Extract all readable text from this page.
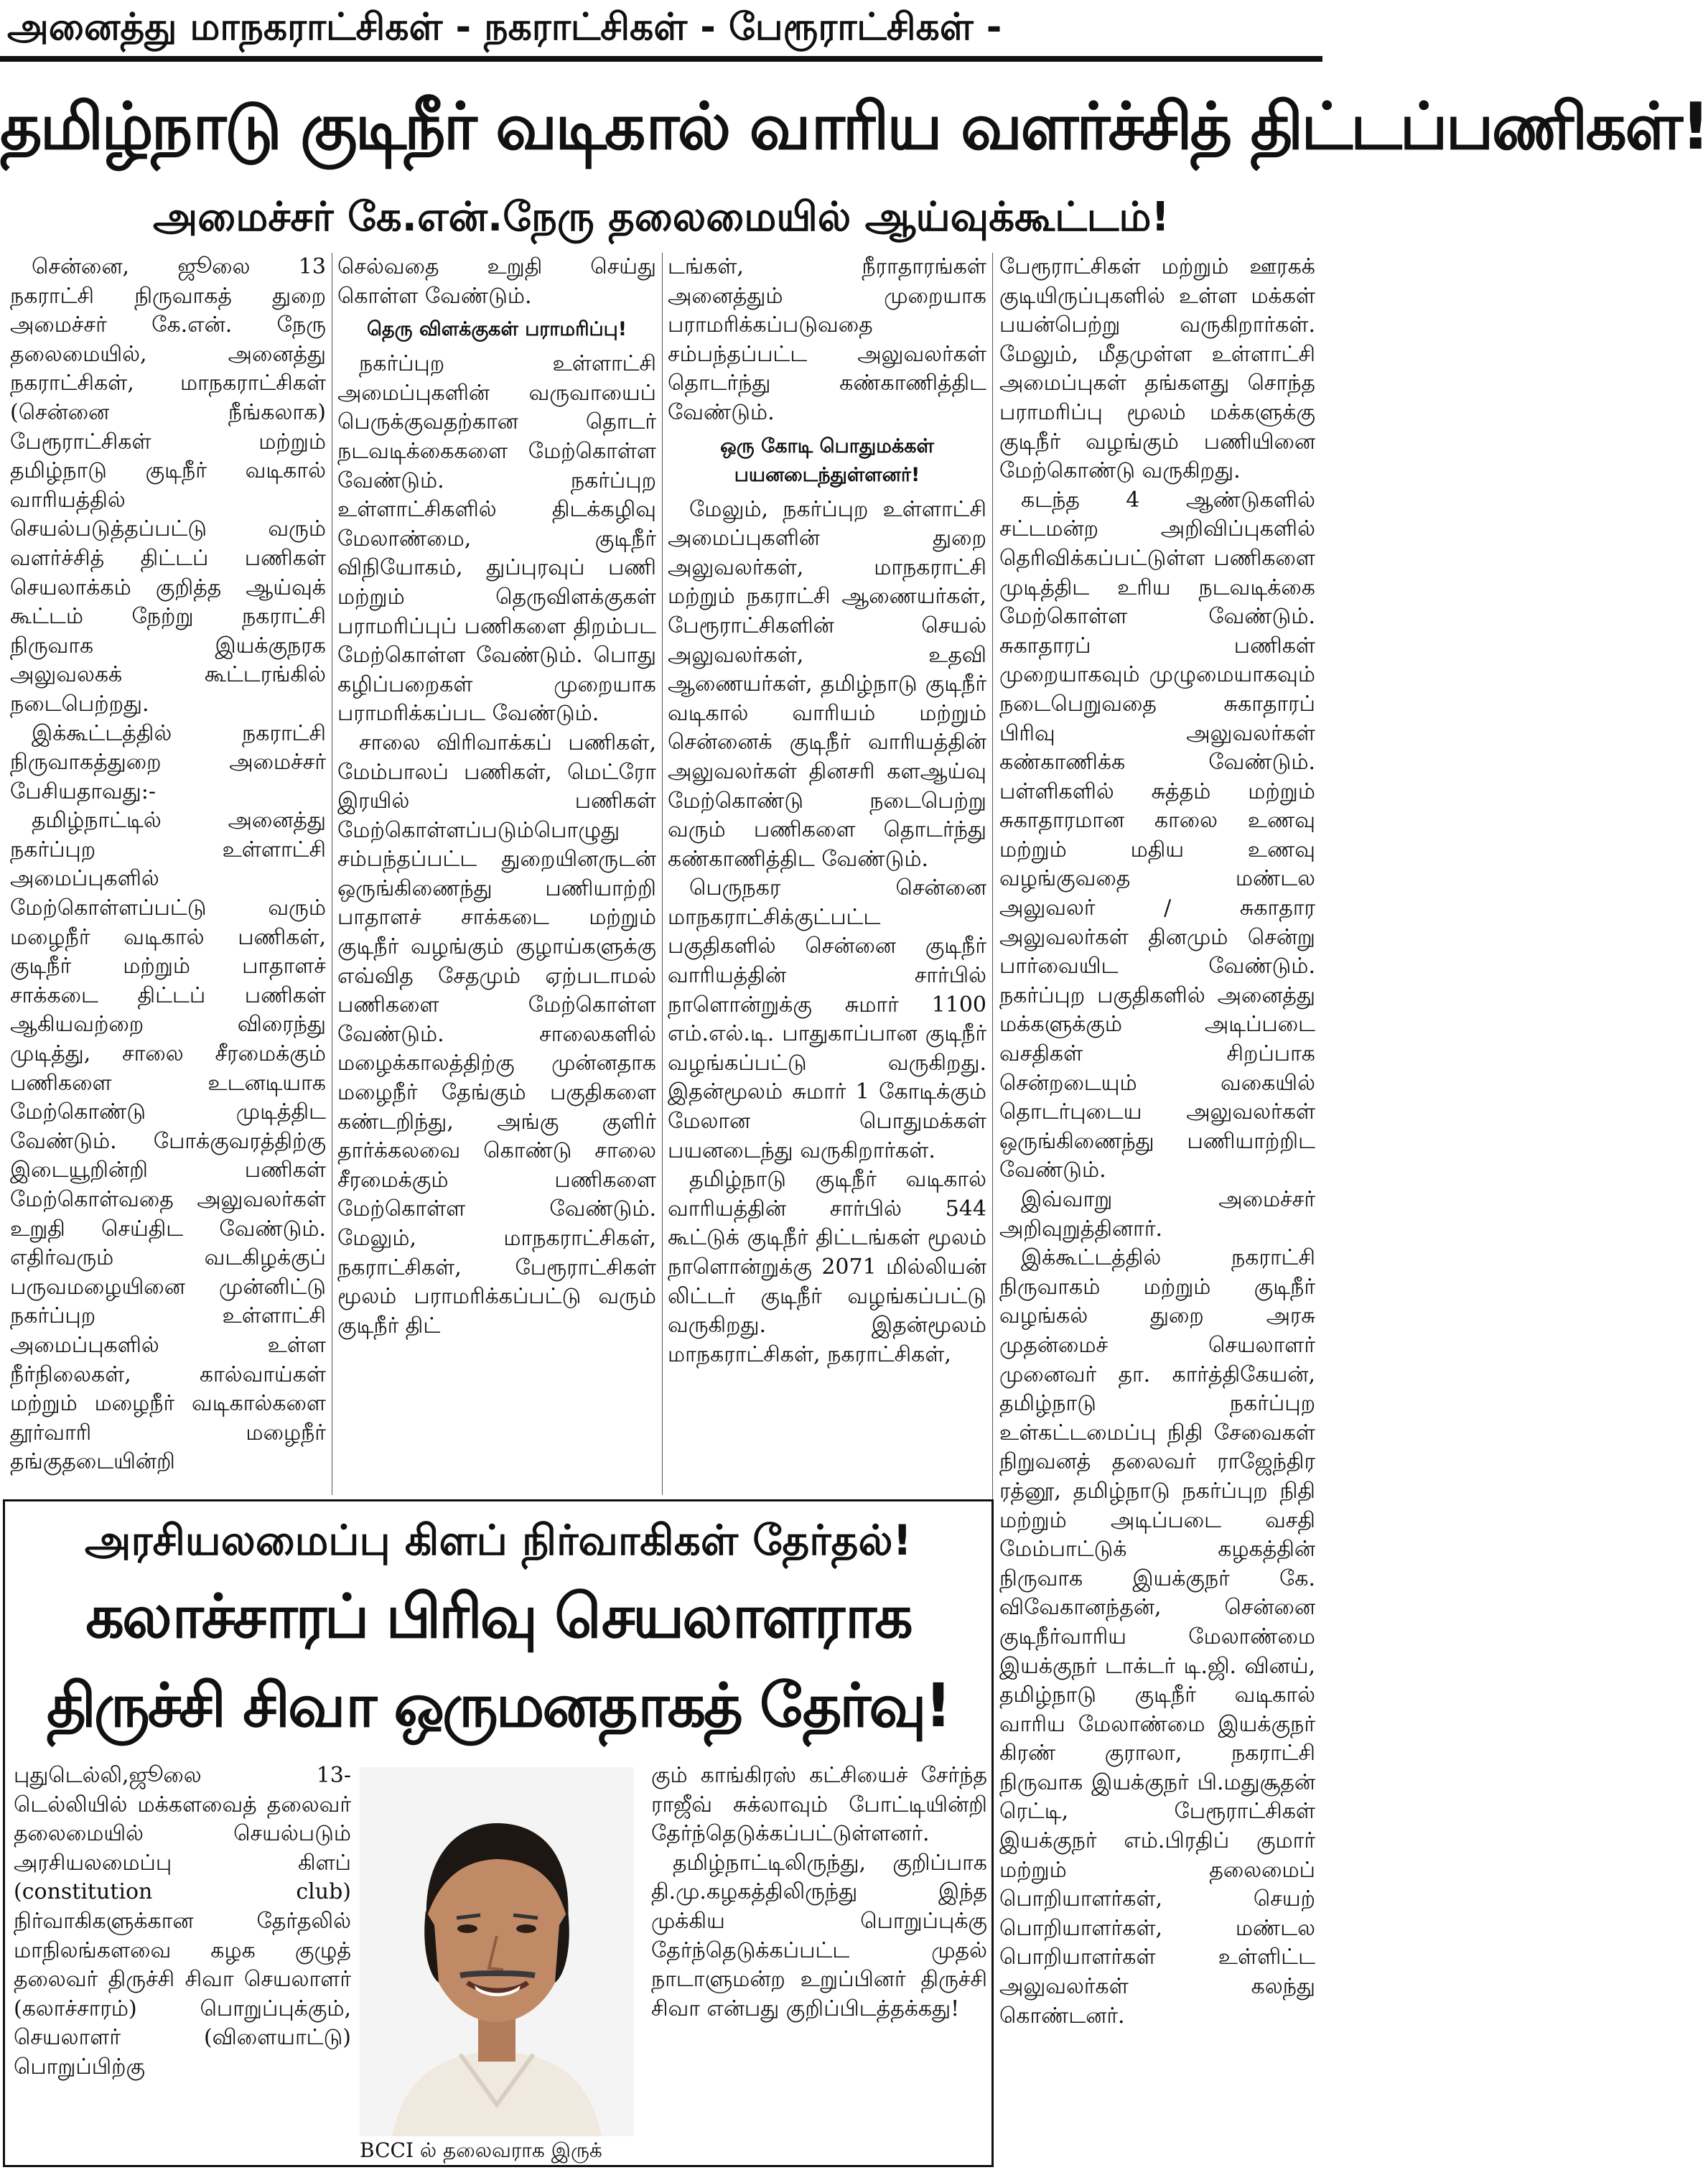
அனைத்து மாநகராட்சிகள் - நகராட்சிகள் - பேரூராட்சிகள் -
தமிழ்நாடு குடிநீர் வடிகால் வாரிய வளர்ச்சித் திட்டப்பணிகள்!
அமைச்சர் கே.என்.நேரு தலைமையில் ஆய்வுக்கூட்டம்!

சென்னை, ஜூலை 13 நகராட்சி நிருவாகத் துறை அமைச்சர் கே.என். நேரு தலைமையில், அனைத்து நகராட்சிகள், மாநகராட்சிகள் (சென்னை நீங்கலாக) பேரூராட்சிகள் மற்றும் தமிழ்நாடு குடிநீர் வடிகால் வாரியத்தில் செயல்படுத்தப்பட்டு வரும் வளர்ச்சித் திட்டப் பணிகள் செயலாக்கம் குறித்த ஆய்வுக் கூட்டம் நேற்று நகராட்சி நிருவாக இயக்குநரக அலுவலகக் கூட்டரங்கில் நடைபெற்றது.

இக்கூட்டத்தில் நகராட்சி நிருவாகத்துறை அமைச்சர் பேசியதாவது:-

தமிழ்நாட்டில் அனைத்து நகர்ப்புற உள்ளாட்சி அமைப்புகளில் மேற்கொள்ளப்பட்டு வரும் மழைநீர் வடிகால் பணிகள், குடிநீர் மற்றும் பாதாளச் சாக்கடை திட்டப் பணிகள் ஆகியவற்றை விரைந்து முடித்து, சாலை சீரமைக்கும் பணிகளை உடனடியாக மேற்கொண்டு முடித்திட வேண்டும். போக்குவரத்திற்கு இடையூறின்றி பணிகள் மேற்கொள்வதை அலுவலர்கள் உறுதி செய்திட வேண்டும். எதிர்வரும் வடகிழக்குப் பருவமழையினை முன்னிட்டு நகர்ப்புற உள்ளாட்சி அமைப்புகளில் உள்ள நீர்நிலைகள், கால்வாய்கள் மற்றும் மழைநீர் வடிகால்களை தூர்வாரி மழைநீர் தங்குதடையின்றி

செல்வதை உறுதி செய்து கொள்ள வேண்டும்.

தெரு விளக்குகள் பராமரிப்பு!

நகர்ப்புற உள்ளாட்சி அமைப்புகளின் வருவாயைப் பெருக்குவதற்கான தொடர் நடவடிக்கைகளை மேற்கொள்ள வேண்டும். நகர்ப்புற உள்ளாட்சிகளில் திடக்கழிவு மேலாண்மை, குடிநீர் விநியோகம், துப்புரவுப் பணி மற்றும் தெருவிளக்குகள் பராமரிப்புப் பணிகளை திறம்பட மேற்கொள்ள வேண்டும். பொது கழிப்பறைகள் முறையாக பராமரிக்கப்பட வேண்டும்.

சாலை விரிவாக்கப் பணிகள், மேம்பாலப் பணிகள், மெட்ரோ இரயில் பணிகள் மேற்கொள்ளப்படும்பொழுது சம்பந்தப்பட்ட துறையினருடன் ஒருங்கிணைந்து பணியாற்றி பாதாளச் சாக்கடை மற்றும் குடிநீர் வழங்கும் குழாய்களுக்கு எவ்வித சேதமும் ஏற்படாமல் பணிகளை மேற்கொள்ள வேண்டும். சாலைகளில் மழைக்காலத்திற்கு முன்னதாக மழைநீர் தேங்கும் பகுதிகளை கண்டறிந்து, அங்கு குளிர் தார்க்கலவை கொண்டு சாலை சீரமைக்கும் பணிகளை மேற்கொள்ள வேண்டும். மேலும், மாநகராட்சிகள், நகராட்சிகள், பேரூராட்சிகள் மூலம் பராமரிக்கப்பட்டு வரும் குடிநீர் திட்

டங்கள், நீராதாரங்கள் அனைத்தும் முறையாக பராமரிக்கப்படுவதை சம்பந்தப்பட்ட அலுவலர்கள் தொடர்ந்து கண்காணித்திட வேண்டும்.

ஒரு கோடி பொதுமக்கள் பயனடைந்துள்ளனர்!

மேலும், நகர்ப்புற உள்ளாட்சி அமைப்புகளின் துறை அலுவலர்கள், மாநகராட்சி மற்றும் நகராட்சி ஆணையர்கள், பேரூராட்சிகளின் செயல் அலுவலர்கள், உதவி ஆணையர்கள், தமிழ்நாடு குடிநீர் வடிகால் வாரியம் மற்றும் சென்னைக் குடிநீர் வாரியத்தின் அலுவலர்கள் தினசரி களஆய்வு மேற்கொண்டு நடைபெற்று வரும் பணிகளை தொடர்ந்து கண்காணித்திட வேண்டும்.

பெருநகர சென்னை மாநகராட்சிக்குட்பட்ட பகுதிகளில் சென்னை குடிநீர் வாரியத்தின் சார்பில் நாளொன்றுக்கு சுமார் 1100 எம்.எல்.டி. பாதுகாப்பான குடிநீர் வழங்கப்பட்டு வருகிறது. இதன்மூலம் சுமார் 1 கோடிக்கும் மேலான பொதுமக்கள் பயனடைந்து வருகிறார்கள்.

தமிழ்நாடு குடிநீர் வடிகால் வாரியத்தின் சார்பில் 544 கூட்டுக் குடிநீர் திட்டங்கள் மூலம் நாளொன்றுக்கு 2071 மில்லியன் லிட்டர் குடிநீர் வழங்கப்பட்டு வருகிறது. இதன்மூலம் மாநகராட்சிகள், நகராட்சிகள்,

பேரூராட்சிகள் மற்றும் ஊரகக் குடியிருப்புகளில் உள்ள மக்கள் பயன்பெற்று வருகிறார்கள். மேலும், மீதமுள்ள உள்ளாட்சி அமைப்புகள் தங்களது சொந்த பராமரிப்பு மூலம் மக்களுக்கு குடிநீர் வழங்கும் பணியினை மேற்கொண்டு வருகிறது.

கடந்த 4 ஆண்டுகளில் சட்டமன்ற அறிவிப்புகளில் தெரிவிக்கப்பட்டுள்ள பணிகளை முடித்திட உரிய நடவடிக்கை மேற்கொள்ள வேண்டும். சுகாதாரப் பணிகள் முறையாகவும் முழுமையாகவும் நடைபெறுவதை சுகாதாரப் பிரிவு அலுவலர்கள் கண்காணிக்க வேண்டும். பள்ளிகளில் சுத்தம் மற்றும் சுகாதாரமான காலை உணவு மற்றும் மதிய உணவு வழங்குவதை மண்டல அலுவலர் / சுகாதார அலுவலர்கள் தினமும் சென்று பார்வையிட வேண்டும். நகர்ப்புற பகுதிகளில் அனைத்து மக்களுக்கும் அடிப்படை வசதிகள் சிறப்பாக சென்றடையும் வகையில் தொடர்புடைய அலுவலர்கள் ஒருங்கிணைந்து பணியாற்றிட வேண்டும்.

இவ்வாறு அமைச்சர் அறிவுறுத்தினார்.

இக்கூட்டத்தில் நகராட்சி நிருவாகம் மற்றும் குடிநீர் வழங்கல் துறை அரசு முதன்மைச் செயலாளர் முனைவர் தா. கார்த்திகேயன், தமிழ்நாடு நகர்ப்புற உள்கட்டமைப்பு நிதி சேவைகள் நிறுவனத் தலைவர் ராஜேந்திர ரத்னூ, தமிழ்நாடு நகர்ப்புற நிதி மற்றும் அடிப்படை வசதி மேம்பாட்டுக் கழகத்தின் நிருவாக இயக்குநர் கே. விவேகானந்தன், சென்னை குடிநீர்வாரிய மேலாண்மை இயக்குநர் டாக்டர் டி.ஜி. வினய், தமிழ்நாடு குடிநீர் வடிகால் வாரிய மேலாண்மை இயக்குநர் கிரண் குராலா, நகராட்சி நிருவாக இயக்குநர் பி.மதுசூதன் ரெட்டி, பேரூராட்சிகள் இயக்குநர் எம்.பிரதிப் குமார் மற்றும் தலைமைப் பொறியாளர்கள், செயற் பொறியாளர்கள், மண்டல பொறியாளர்கள் உள்ளிட்ட அலுவலர்கள் கலந்து கொண்டனர்.

அரசியலமைப்பு கிளப் நிர்வாகிகள் தேர்தல்!
கலாச்சாரப் பிரிவு செயலாளராக
திருச்சி சிவா ஒருமனதாகத் தேர்வு!

புதுடெல்லி,ஜூலை 13- டெல்லியில் மக்களவைத் தலைவர் தலைமையில் செயல்படும் அரசியலமைப்பு கிளப் (constitution club) நிர்வாகிகளுக்கான தேர்தலில் மாநிலங்களவை கழக குழுத் தலைவர் திருச்சி சிவா செயலாளர் (கலாச்சாரம்) பொறுப்புக்கும், செயலாளர் (விளையாட்டு) பொறுப்பிற்கு

BCCI ல் தலைவராக இருக்

கும் காங்கிரஸ் கட்சியைச் சேர்ந்த ராஜீவ் சுக்லாவும் போட்டியின்றி தேர்ந்தெடுக்கப்பட்டுள்ளனர்.

தமிழ்நாட்டிலிருந்து, குறிப்பாக தி.மு.கழகத்திலிருந்து இந்த முக்கிய பொறுப்புக்கு தேர்ந்தெடுக்கப்பட்ட முதல் நாடாளுமன்ற உறுப்பினர் திருச்சி சிவா என்பது குறிப்பிடத்தக்கது!
